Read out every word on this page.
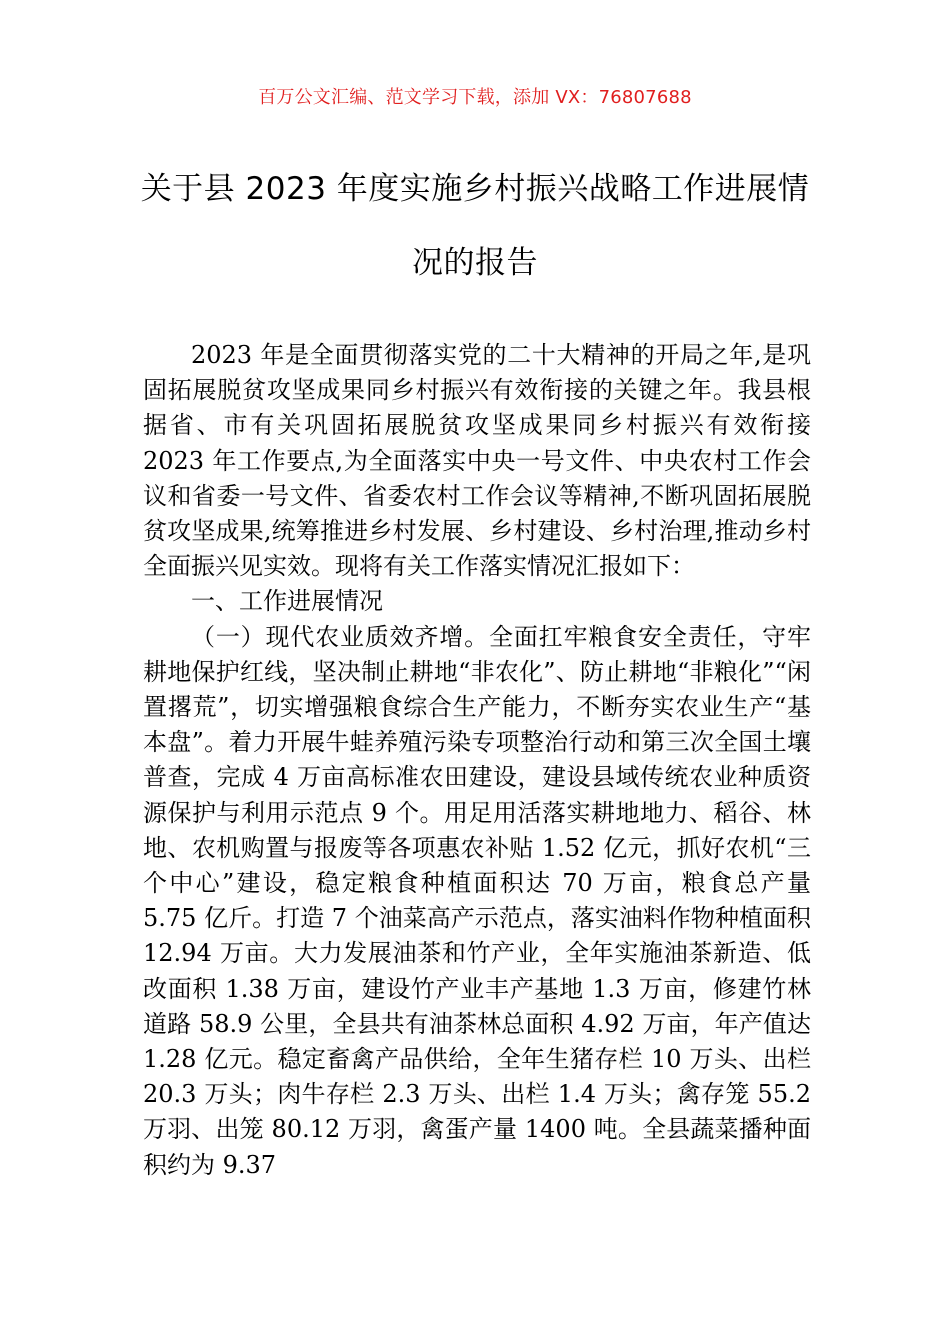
百万公文汇编、范文学习下载，添加 VX：76807688
关于县 2023 年度实施乡村振兴战略工作进展情况的报告

2023 年是全面贯彻落实党的二十大精神的开局之年,是巩固拓展脱贫攻坚成果同乡村振兴有效衔接的关键之年。我县根据省、市有关巩固拓展脱贫攻坚成果同乡村振兴有效衔接 2023 年工作要点,为全面落实中央一号文件、中央农村工作会议和省委一号文件、省委农村工作会议等精神,不断巩固拓展脱贫攻坚成果,统筹推进乡村发展、乡村建设、乡村治理,推动乡村全面振兴见实效。现将有关工作落实情况汇报如下：

一、工作进展情况

（一）现代农业质效齐增。全面扛牢粮食安全责任，守牢耕地保护红线，坚决制止耕地“非农化”、防止耕地“非粮化”“闲置撂荒”，切实增强粮食综合生产能力，不断夯实农业生产“基本盘”。着力开展牛蛙养殖污染专项整治行动和第三次全国土壤普查，完成 4 万亩高标准农田建设，建设县域传统农业种质资源保护与利用示范点 9 个。用足用活落实耕地地力、稻谷、林地、农机购置与报废等各项惠农补贴 1.52 亿元，抓好农机“三个中心”建设，稳定粮食种植面积达 70 万亩，粮食总产量 5.75 亿斤。打造 7 个油菜高产示范点，落实油料作物种植面积 12.94 万亩。大力发展油茶和竹产业，全年实施油茶新造、低改面积 1.38 万亩，建设竹产业丰产基地 1.3 万亩，修建竹林道路 58.9 公里，全县共有油茶林总面积 4.92 万亩，年产值达 1.28 亿元。稳定畜禽产品供给，全年生猪存栏 10 万头、出栏 20.3 万头；肉牛存栏 2.3 万头、出栏 1.4 万头；禽存笼 55.2 万羽、出笼 80.12 万羽，禽蛋产量 1400 吨。全县蔬菜播种面积约为 9.37
